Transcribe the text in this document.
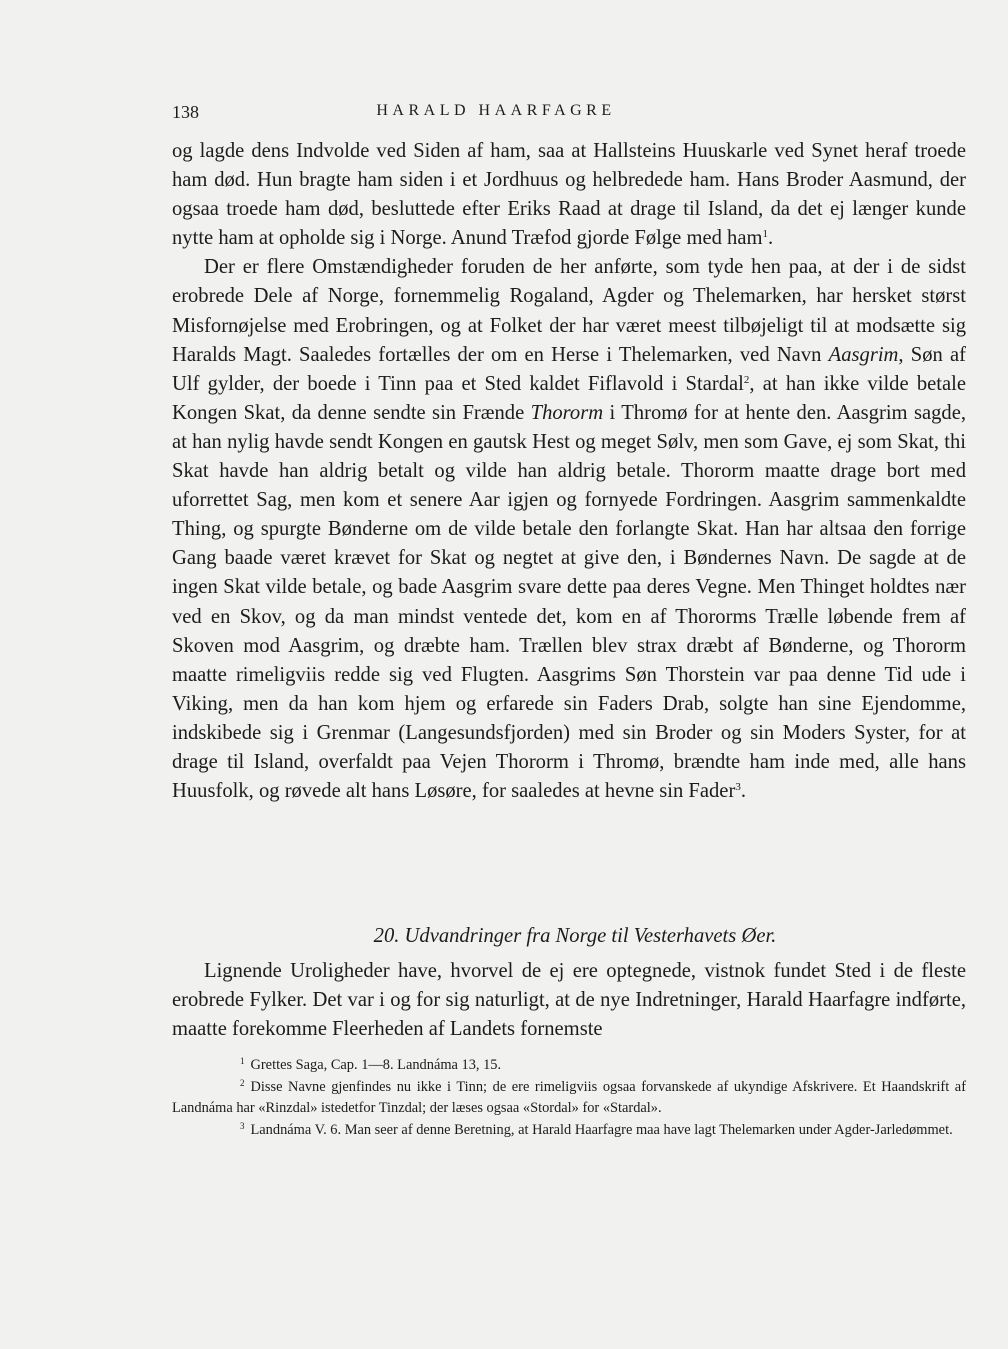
138	HARALD HAARFAGRE

og lagde dens Indvolde ved Siden af ham, saa at Hallsteins Huuskarle ved Synet heraf troede ham død. Hun bragte ham siden i et Jordhuus og helbredede ham. Hans Broder Aasmund, der ogsaa troede ham død, besluttede efter Eriks Raad at drage til Island, da det ej længer kunde nytte ham at opholde sig i Norge. Anund Træfod gjorde Følge med ham$^1$.

Der er flere Omstændigheder foruden de her anførte, som tyde hen paa, at der i de sidst erobrede Dele af Norge, fornemmelig Rogaland, Agder og Thelemarken, har hersket størst Misfornøjelse med Erobringen, og at Folket der har været meest tilbøjeligt til at modsætte sig Haralds Magt. Saaledes fortælles der om en Herse i Thelemarken, ved Navn Aasgrim, Søn af Ulf gylder, der boede i Tinn paa et Sted kaldet Fiflavold i Stardal$^2$, at han ikke vilde betale Kongen Skat, da denne sendte sin Frænde Thororm i Thromø for at hente den. Aasgrim sagde, at han nylig havde sendt Kongen en gautsk Hest og meget Sølv, men som Gave, ej som Skat, thi Skat havde han aldrig betalt og vilde han aldrig betale. Thororm maatte drage bort med uforrettet Sag, men kom et senere Aar igjen og fornyede Fordringen. Aasgrim sammenkaldte Thing, og spurgte Bønderne om de vilde betale den forlangte Skat. Han har altsaa den forrige Gang baade været krævet for Skat og negtet at give den, i Bøndernes Navn. De sagde at de ingen Skat vilde betale, og bade Aasgrim svare dette paa deres Vegne. Men Thinget holdtes nær ved en Skov, og da man mindst ventede det, kom en af Thororms Trælle løbende frem af Skoven mod Aasgrim, og dræbte ham. Trællen blev strax dræbt af Bønderne, og Thororm maatte rimeligviis redde sig ved Flugten. Aasgrims Søn Thorstein var paa denne Tid ude i Viking, men da han kom hjem og erfarede sin Faders Drab, solgte han sine Ejendomme, indskibede sig i Grenmar (Langesundsfjorden) med sin Broder og sin Moders Syster, for at drage til Island, overfaldt paa Vejen Thororm i Thromø, brændte ham inde med, alle hans Huusfolk, og røvede alt hans Løsøre, for saaledes at hevne sin Fader$^3$.

20. Udvandringer fra Norge til Vesterhavets Øer.

Lignende Uroligheder have, hvorvel de ej ere optegnede, vistnok fundet Sted i de fleste erobrede Fylker. Det var i og for sig naturligt, at de nye Indretninger, Harald Haarfagre indførte, maatte forekomme Fleerheden af Landets fornemste

1 Grettes Saga, Cap. 1—8. Landnáma 13, 15.

2 Disse Navne gjenfindes nu ikke i Tinn; de ere rimeligviis ogsaa forvanskede af ukyndige Afskrivere. Et Haandskrift af Landnáma har «Rinzdal» istedetfor Tinzdal; der læses ogsaa «Stordal» for «Stardal».

3 Landnáma V. 6. Man seer af denne Beretning, at Harald Haarfagre maa have lagt Thelemarken under Agder-Jarledømmet.
